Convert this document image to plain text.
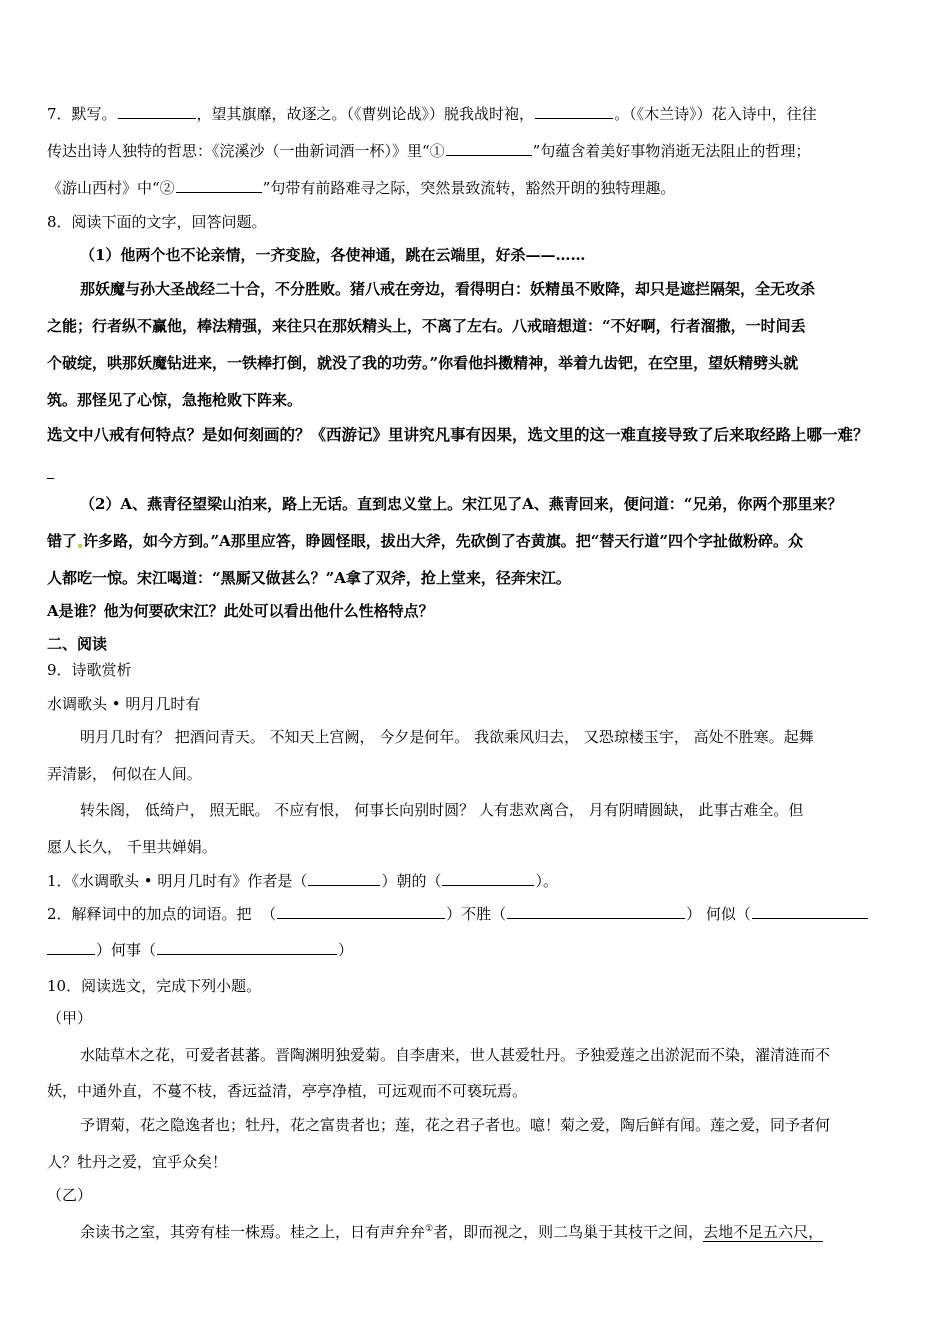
7．默写。	，望其旗靡，故逐之。（《曹刿论战》）脱我战时袍，	。（《木兰诗》）花入诗中，往往
传达出诗人独特的哲思：《浣溪沙（一曲新词酒一杯）》里“①	”句蕴含着美好事物消逝无法阻止的哲理；
《游山西村》中“②	”句带有前路难寻之际，突然景致流转，豁然开朗的独特理趣。
8．阅读下面的文字，回答问题。
（1）他两个也不论亲情，一齐变脸，各使神通，跳在云端里，好杀——……
那妖魔与孙大圣战经二十合，不分胜败。猪八戒在旁边，看得明白：妖精虽不败降，却只是遮拦隔架，全无攻杀
之能；行者纵不赢他，棒法精强，来往只在那妖精头上，不离了左右。八戒暗想道：“不好啊，行者溜撒，一时间丢
个破绽，哄那妖魔钻进来，一铁棒打倒，就没了我的功劳。”你看他抖擞精神，举着九齿钯，在空里，望妖精劈头就
筑。那怪见了心惊，急拖枪败下阵来。
选文中八戒有何特点？是如何刻画的？《西游记》里讲究凡事有因果，选文里的这一难直接导致了后来取经路上哪一难？
（2）A、燕青径望梁山泊来，路上无话。直到忠义堂上。宋江见了A、燕青回来，便问道：“兄弟，你两个那里来？
错了 许多路，如今方到。”A那里应答，睁圆怪眼，拔出大斧，先砍倒了杏黄旗。把“替天行道”四个字扯做粉碎。众
人都吃一惊。宋江喝道：“黑厮又做甚么？”A拿了双斧，抢上堂来，径奔宋江。
A是谁？他为何要砍宋江？此处可以看出他什么性格特点？
二、阅读
9．诗歌赏析
水调歌头 • 明月几时有
明月几时有？ 把酒问青天。 不知天上宫阙， 今夕是何年。 我欲乘风归去， 又恐琼楼玉宇， 高处不胜寒。起舞
弄清影， 何似在人间。
转朱阁， 低绮户， 照无眠。 不应有恨， 何事长向别时圆？ 人有悲欢离合， 月有阴晴圆缺， 此事古难全。但
愿人长久， 千里共婵娟。
1．《水调歌头 • 明月几时有》作者是（	）朝的（	）。
2．解释词中的加点的词语。把 （	）不胜（	） 何似（
）何事（	）
10．阅读选文，完成下列小题。
（甲）
水陆草木之花，可爱者甚蕃。晋陶渊明独爱菊。自李唐来，世人甚爱牡丹。予独爱莲之出淤泥而不染，濯清涟而不
妖，中通外直，不蔓不枝，香远益清，亭亭净植，可远观而不可亵玩焉。
予谓菊，花之隐逸者也；牡丹，花之富贵者也；莲，花之君子者也。噫！菊之爱，陶后鲜有闻。莲之爱，同予者何
人？牡丹之爱，宜乎众矣！
（乙）
余读书之室，其旁有桂一株焉。桂之上，日有声弁弁①者，即而视之，则二鸟巢于其枝干之间，去地不足五六尺，
